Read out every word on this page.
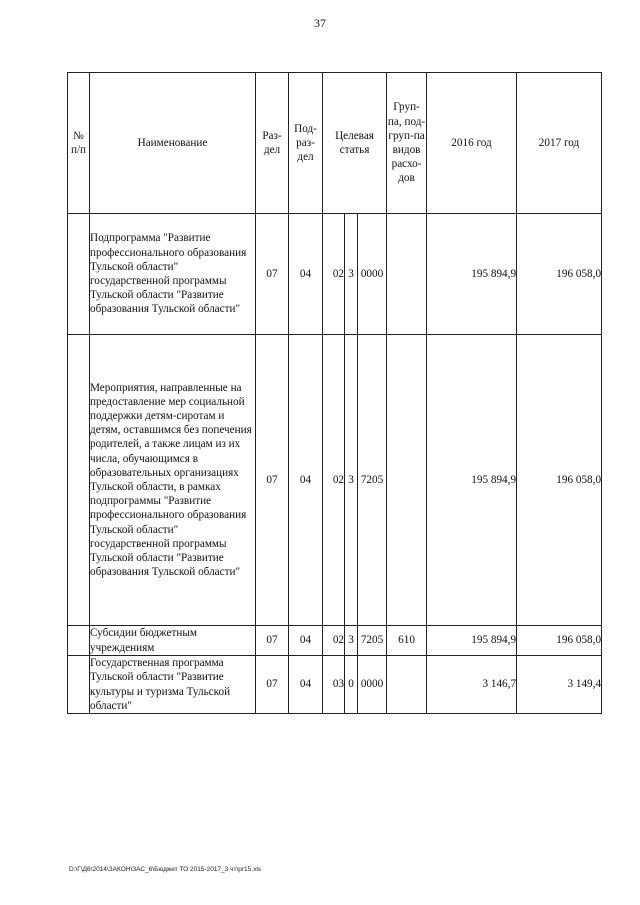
37
№ п/п	Наименование	Раз-дел	Под-раз-дел	Целевая статья			Груп-па, под-груп-па видов расхо-дов	2016 год	2017 год
	Подпрограмма "Развитие профессионального образования Тульской области" государственной программы Тульской области "Развитие образования Тульской области"	07	04	02	3	0000		195 894,9	196 058,0
	Мероприятия, направленные на предоставление мер социальной поддержки детям-сиротам и детям, оставшимся без попечения родителей, а также лицам из их числа, обучающимся в образовательных организациях Тульской области, в рамках подпрограммы "Развитие профессионального образования Тульской области" государственной программы Тульской области "Развитие образования Тульской области"	07	04	02	3	7205		195 894,9	196 058,0
	Субсидии бюджетным учреждениям	07	04	02	3	7205	610	195 894,9	196 058,0
	Государственная программа Тульской области "Развитие культуры и туризма Тульской области"	07	04	03	0	0000		3 146,7	3 149,4
D:\Г\Д6\2014\ЗАКОН\ЗАС_6\Бюджет ТО 2015-2017_3 чт\pr15.xls
